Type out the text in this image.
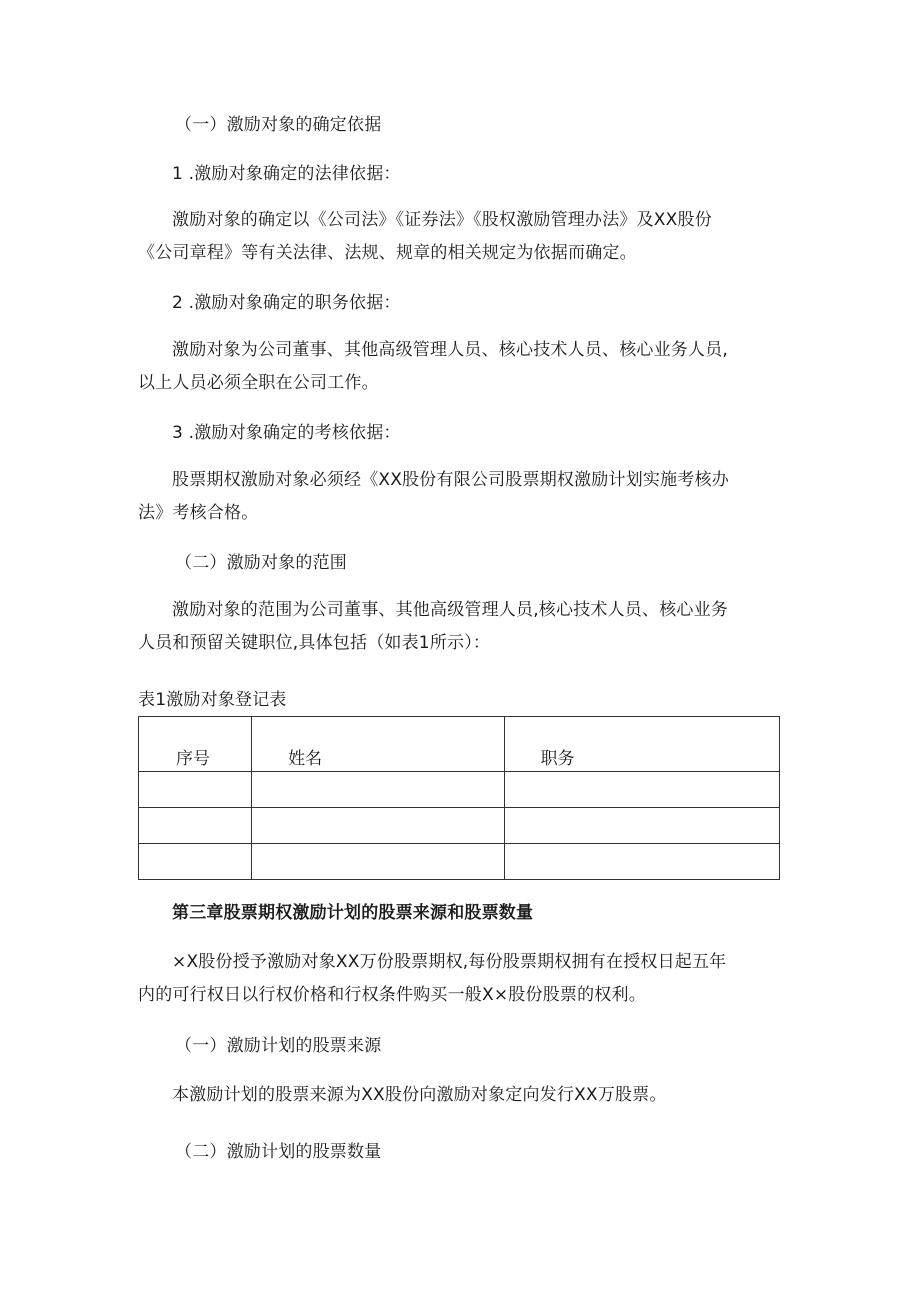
（一）激励对象的确定依据
1 .激励对象确定的法律依据：
激励对象的确定以《公司法》《证券法》《股权激励管理办法》及XX股份
《公司章程》等有关法律、法规、规章的相关规定为依据而确定。
2 .激励对象确定的职务依据：
激励对象为公司董事、其他高级管理人员、核心技术人员、核心业务人员,
以上人员必须全职在公司工作。
3 .激励对象确定的考核依据：
股票期权激励对象必须经《XX股份有限公司股票期权激励计划实施考核办
法》考核合格。
（二）激励对象的范围
激励对象的范围为公司董事、其他高级管理人员,核心技术人员、核心业务
人员和预留关键职位,具体包括（如表1所示）：
表1激励对象登记表
序号	姓名	职务

第三章股票期权激励计划的股票来源和股票数量
×X股份授予激励对象XX万份股票期权,每份股票期权拥有在授权日起五年
内的可行权日以行权价格和行权条件购买一般X×股份股票的权利。
（一）激励计划的股票来源
本激励计划的股票来源为XX股份向激励对象定向发行XX万股票。
（二）激励计划的股票数量
